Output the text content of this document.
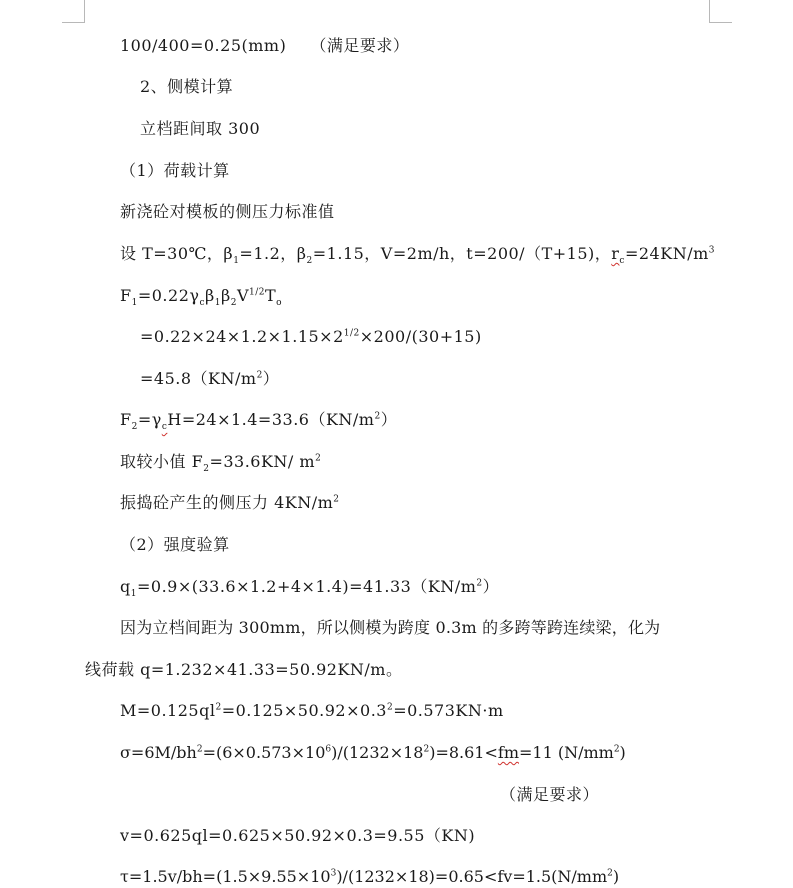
100/400=0.25(mm) （满足要求）
2、侧模计算
立档距间取 300
（1）荷载计算
新浇砼对模板的侧压力标准值
设 T=30℃，$\beta_1=1.2$，$\beta_2=1.15$，V=2m/h，t=200/（T+15)，$r_c=24KN/m^3$
$F_1=0.22\gamma_c\beta_1\beta_2V^{1/2}T_o$
$=0.22\times 24\times 1.2\times 1.15\times 2^{1/2}\times 200/(30+15)$
$=45.8(KN/m^2)$
$F_2=\gamma_cH=24\times 1.4=33.6(KN/m^2)$
取较小值 $F_2=33.6KN/$ $m^2$
振捣砼产生的侧压力 $4KN/m^2$
（2）强度验算
$q_1=0.9\times(33.6\times 1.2+4\times 1.4)=41.33(KN/m^2)$
因为立档间距为 300mm，所以侧模为跨度 0.3m 的多跨等跨连续梁，化为
线荷载 q=1.232×41.33=50.92KN/m。
$M=0.125ql^2=0.125\times 50.92\times 0.3^2=0.573KN\cdot m$
$\sigma=6M/bh^2=(6\times 0.573\times 10^6)/(1232\times 18^2)=8.61<fm=11$ $(N/mm^2)$
（满足要求）
v=0.625ql=0.625×50.92×0.3=9.55（KN)
$\tau=1.5v/bh=(1.5\times 9.55\times 10^3)/(1232\times 18)=0.65<fv=1.5(N/mm^2)$
